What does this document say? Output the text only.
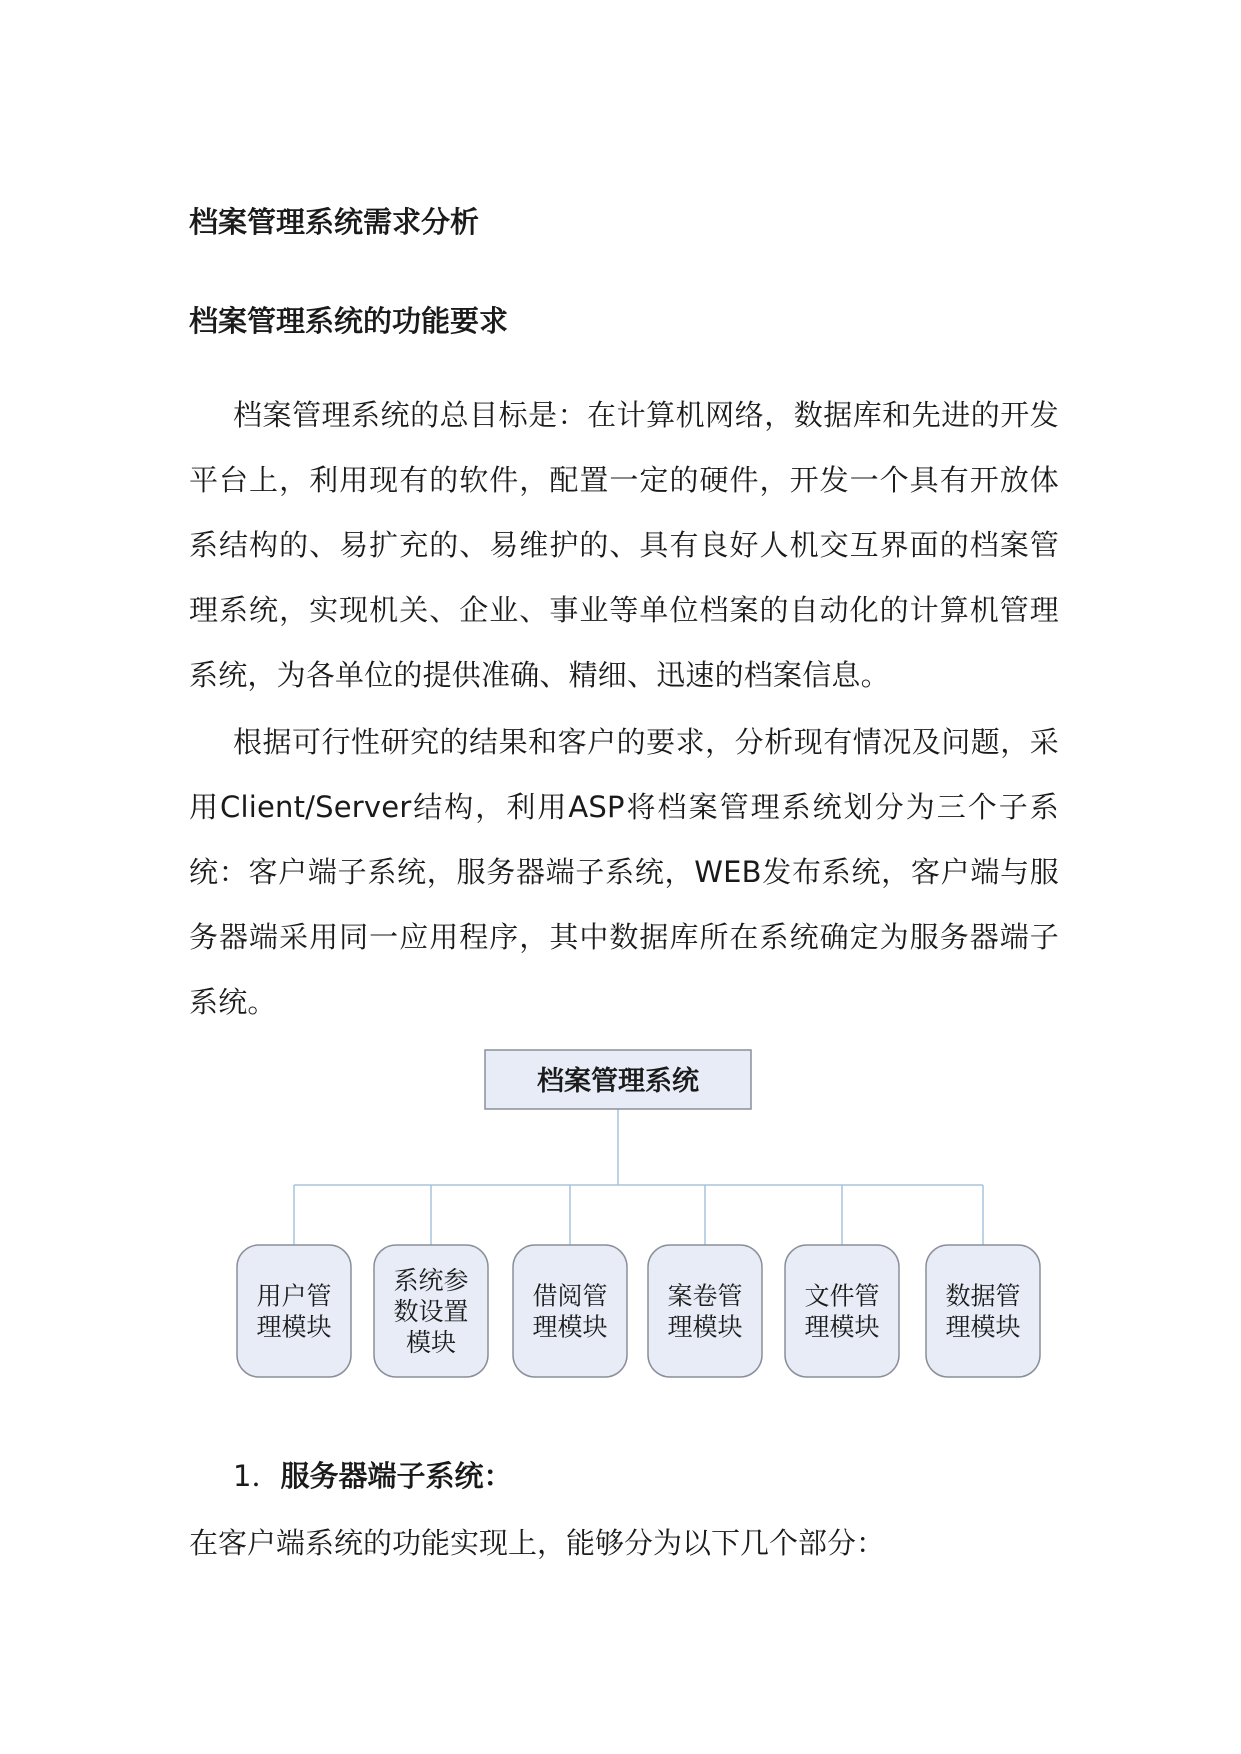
档案管理系统需求分析
档案管理系统的功能要求

档案管理系统的总目标是：在计算机网络，数据库和先进的开发平台上，利用现有的软件，配置一定的硬件，开发一个具有开放体系结构的、易扩充的、易维护的、具有良好人机交互界面的档案管理系统，实现机关、企业、事业等单位档案的自动化的计算机管理系统，为各单位的提供准确、精细、迅速的档案信息。

根据可行性研究的结果和客户的要求，分析现有情况及问题，采用Client/Server结构，利用ASP将档案管理系统划分为三个子系统：客户端子系统，服务器端子系统，WEB发布系统，客户端与服务器端采用同一应用程序，其中数据库所在系统确定为服务器端子系统。

档案管理系统
用户管
理模块
系统参
数设置
模块
借阅管
理模块
案卷管
理模块
文件管
理模块
数据管
理模块

1．服务器端子系统：

在客户端系统的功能实现上，能够分为以下几个部分：
